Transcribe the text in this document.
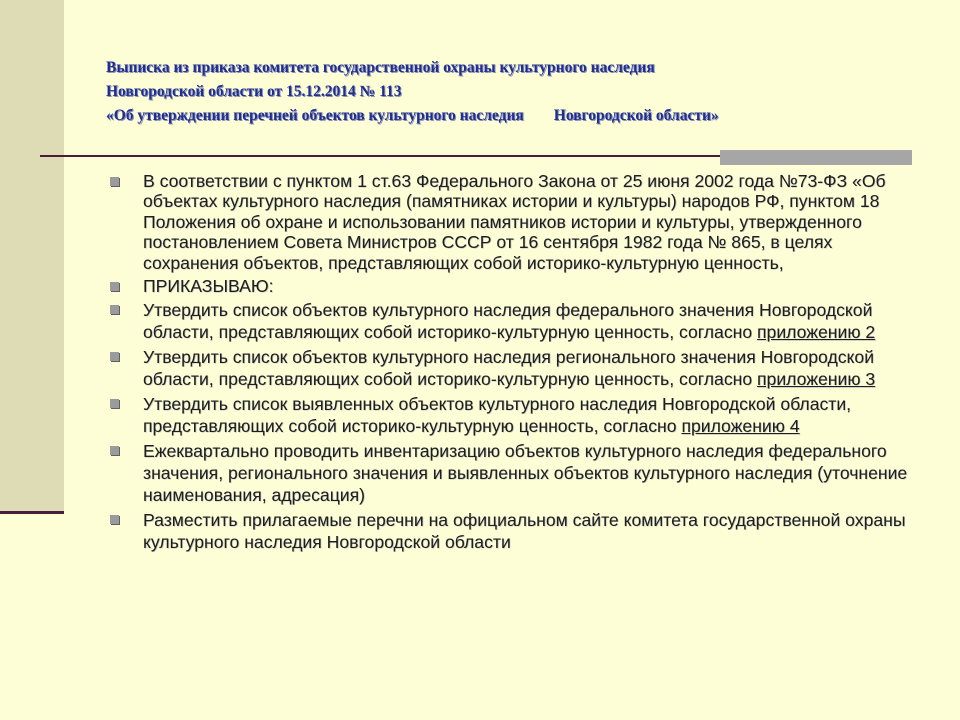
Выписка из приказа комитета государственной охраны культурного наследия
Новгородской области от 15.12.2014 № 113
«Об утверждении перечней объектов культурного наследия Новгородской области»
В соответствии с пунктом 1 ст.63 Федерального Закона от 25 июня 2002 года №73-ФЗ «Об объектах культурного наследия (памятниках истории и культуры) народов РФ, пунктом 18 Положения об охране и использовании памятников истории и культуры, утвержденного постановлением Совета Министров СССР от 16 сентября 1982 года № 865, в целях сохранения объектов, представляющих собой историко-культурную ценность,
ПРИКАЗЫВАЮ:
Утвердить список объектов культурного наследия федерального значения Новгородской области, представляющих собой историко-культурную ценность, согласно приложению 2
Утвердить список объектов культурного наследия регионального значения Новгородской области, представляющих собой историко-культурную ценность, согласно приложению 3
Утвердить список выявленных объектов культурного наследия Новгородской области, представляющих собой историко-культурную ценность, согласно приложению 4
Ежеквартально проводить инвентаризацию объектов культурного наследия федерального значения, регионального значения и выявленных объектов культурного наследия (уточнение наименования, адресация)
Разместить прилагаемые перечни на официальном сайте комитета государственной охраны культурного наследия Новгородской области
